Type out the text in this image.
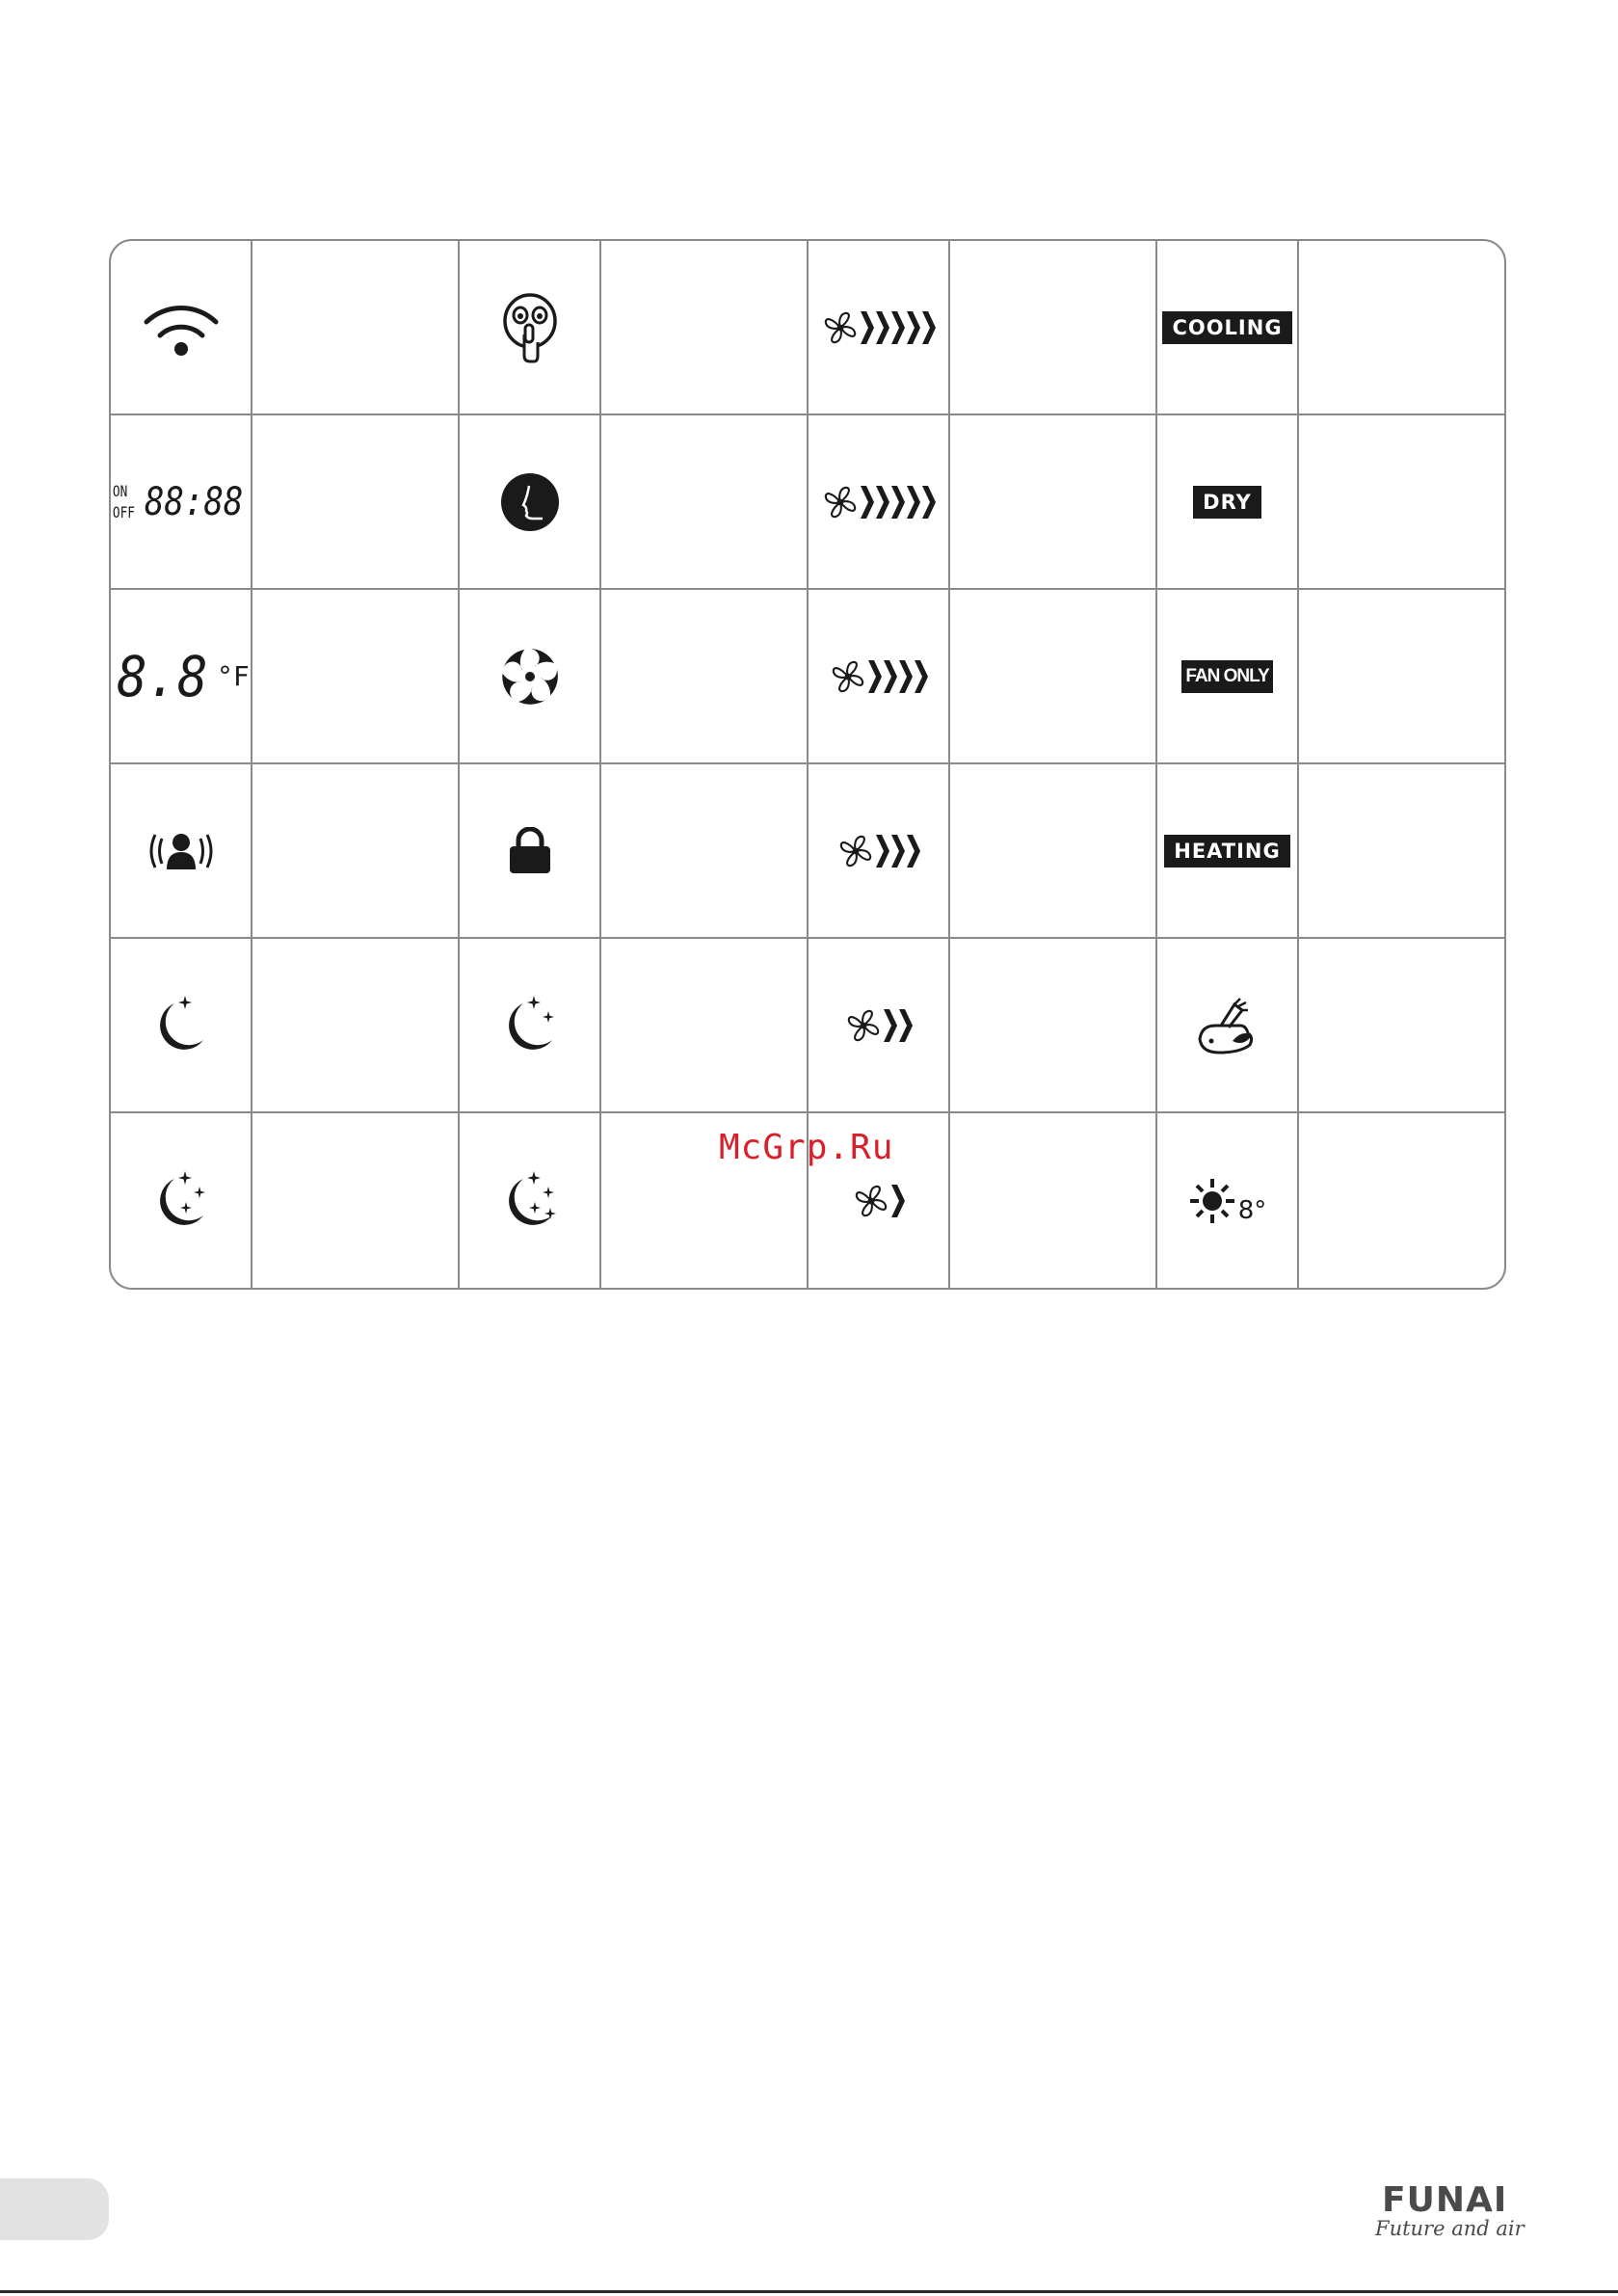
COOLING
ON
OFF 88:88	DRY
8.8 °F	FAN ONLY
HEATING
8°
McGrp.Ru
FUNAI
Future and air
